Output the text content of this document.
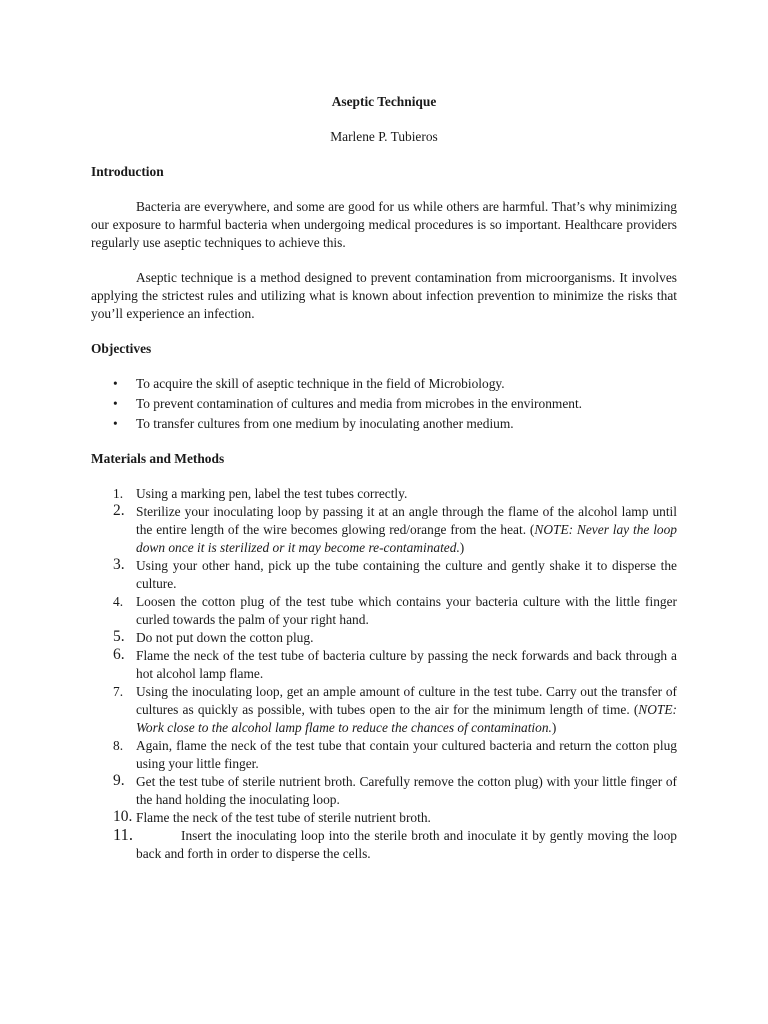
Aseptic Technique

Marlene P. Tubieros

Introduction

Bacteria are everywhere, and some are good for us while others are harmful. That’s why minimizing our exposure to harmful bacteria when undergoing medical procedures is so important. Healthcare providers regularly use aseptic techniques to achieve this.

Aseptic technique is a method designed to prevent contamination from microorganisms. It involves applying the strictest rules and utilizing what is known about infection prevention to minimize the risks that you’ll experience an infection.

Objectives
• To acquire the skill of aseptic technique in the field of Microbiology.
• To prevent contamination of cultures and media from microbes in the environment.
• To transfer cultures from one medium by inoculating another medium.
Materials and Methods
1. Using a marking pen, label the test tubes correctly.
2. Sterilize your inoculating loop by passing it at an angle through the flame of the alcohol lamp until the entire length of the wire becomes glowing red/orange from the heat. (NOTE: Never lay the loop down once it is sterilized or it may become re-contaminated.)
3. Using your other hand, pick up the tube containing the culture and gently shake it to disperse the culture.
4. Loosen the cotton plug of the test tube which contains your bacteria culture with the little finger curled towards the palm of your right hand.
5. Do not put down the cotton plug.
6. Flame the neck of the test tube of bacteria culture by passing the neck forwards and back through a hot alcohol lamp flame.
7. Using the inoculating loop, get an ample amount of culture in the test tube. Carry out the transfer of cultures as quickly as possible, with tubes open to the air for the minimum length of time. (NOTE: Work close to the alcohol lamp flame to reduce the chances of contamination.)
8. Again, flame the neck of the test tube that contain your cultured bacteria and return the cotton plug using your little finger.
9. Get the test tube of sterile nutrient broth. Carefully remove the cotton plug) with your little finger of the hand holding the inoculating loop.
10. Flame the neck of the test tube of sterile nutrient broth.
11.	Insert the inoculating loop into the sterile broth and inoculate it by gently moving the loop back and forth in order to disperse the cells.
